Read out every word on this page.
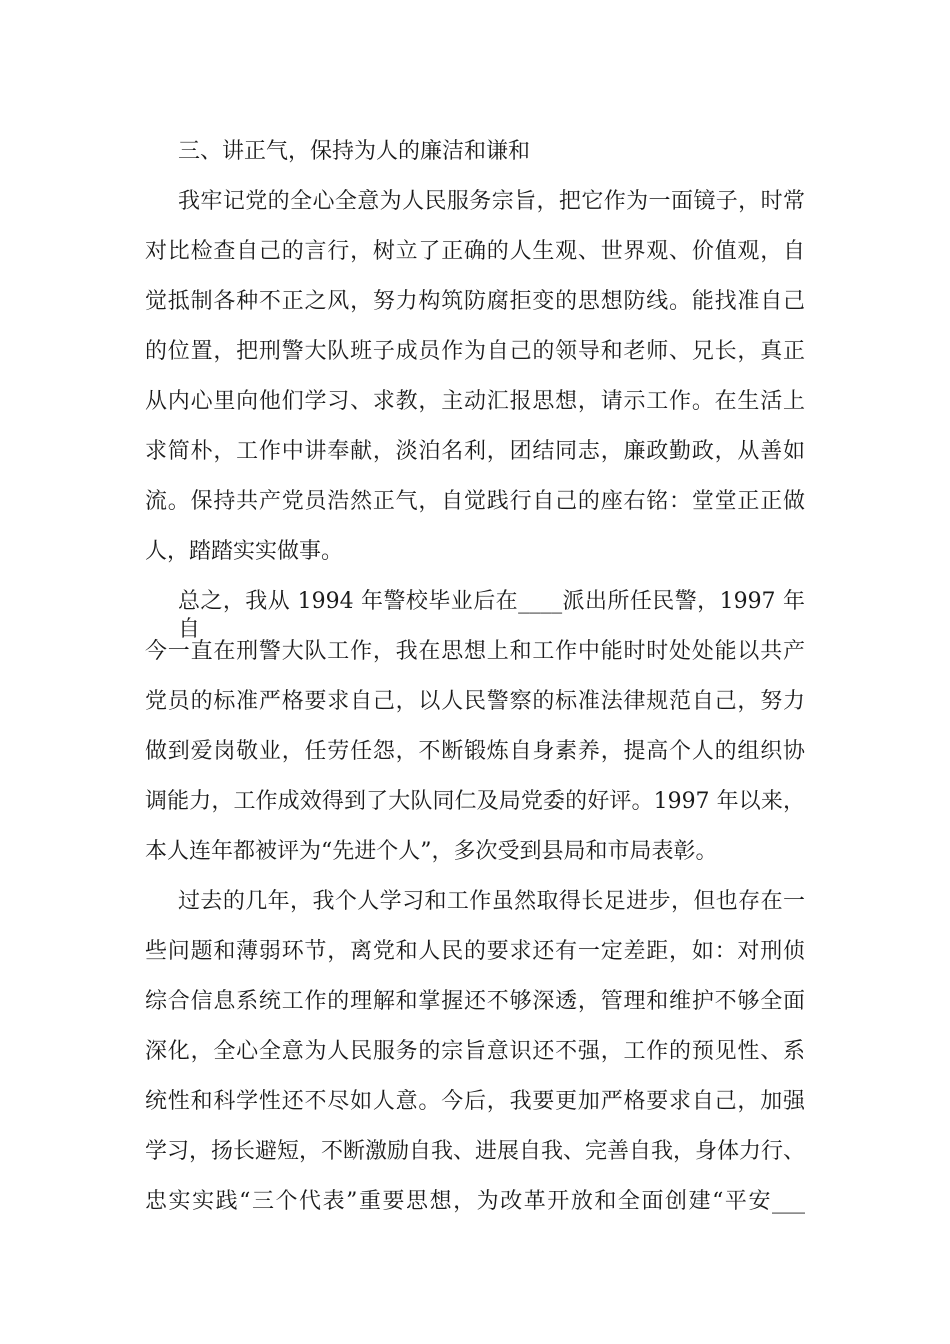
三、讲正气，保持为人的廉洁和谦和
我牢记党的全心全意为人民服务宗旨，把它作为一面镜子，时常
对比检查自己的言行，树立了正确的人生观、世界观、价值观，自
觉抵制各种不正之风，努力构筑防腐拒变的思想防线。能找准自己
的位置，把刑警大队班子成员作为自己的领导和老师、兄长，真正
从内心里向他们学习、求教，主动汇报思想，请示工作。在生活上
求简朴，工作中讲奉献，淡泊名利，团结同志，廉政勤政，从善如
流。保持共产党员浩然正气，自觉践行自己的座右铭：堂堂正正做
人，踏踏实实做事。
总之，我从 1994 年警校毕业后在____派出所任民警，1997 年自
今一直在刑警大队工作，我在思想上和工作中能时时处处能以共产
党员的标准严格要求自己，以人民警察的标准法律规范自己，努力
做到爱岗敬业，任劳任怨，不断锻炼自身素养，提高个人的组织协
调能力，工作成效得到了大队同仁及局党委的好评。1997 年以来，
本人连年都被评为“先进个人”，多次受到县局和市局表彰。
过去的几年，我个人学习和工作虽然取得长足进步，但也存在一
些问题和薄弱环节，离党和人民的要求还有一定差距，如：对刑侦
综合信息系统工作的理解和掌握还不够深透，管理和维护不够全面
深化，全心全意为人民服务的宗旨意识还不强，工作的预见性、系
统性和科学性还不尽如人意。今后，我要更加严格要求自己，加强
学习，扬长避短，不断激励自我、进展自我、完善自我，身体力行、
忠实实践“三个代表”重要思想，为改革开放和全面创建“平安___
